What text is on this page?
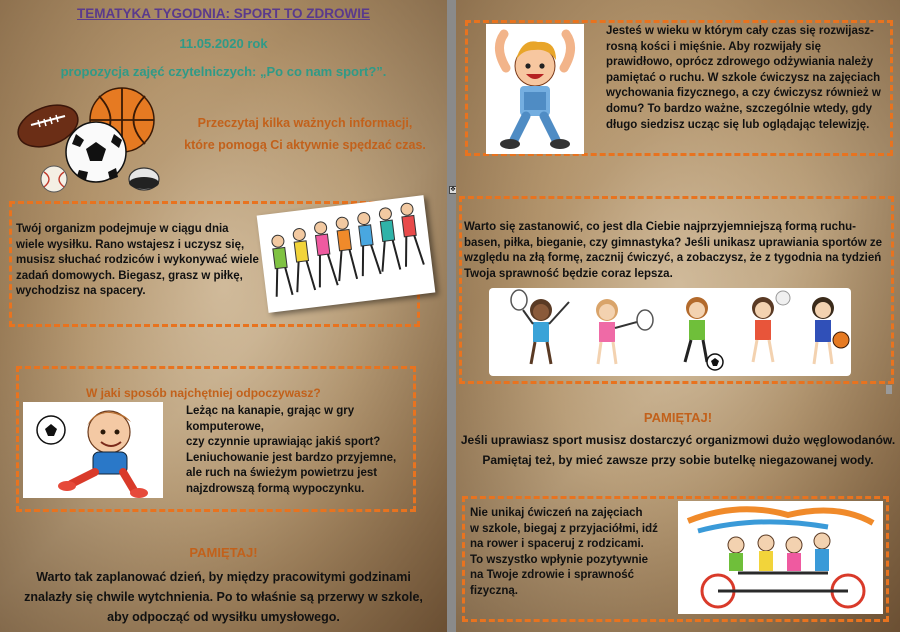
TEMATYKA TYGODNIA: SPORT TO ZDROWIE
11.05.2020 rok
propozycja zajęć czytelniczych: „Po co nam sport?”.
Przeczytaj kilka ważnych informacji,
które pomogą Ci aktywnie spędzać czas.
Twój organizm podejmuje w ciągu dnia
wiele wysiłku. Rano wstajesz i uczysz się,
musisz słuchać rodziców i wykonywać wiele
zadań domowych. Biegasz, grasz w piłkę,
wychodzisz na spacery.
W jaki sposób najchętniej odpoczywasz?
Leżąc na kanapie, grając w gry
komputerowe,
czy czynnie uprawiając jakiś sport?
Leniuchowanie jest bardzo przyjemne,
ale ruch na świeżym powietrzu jest
najzdrowszą formą wypoczynku.
PAMIĘTAJ!
Warto tak zaplanować dzień, by między pracowitymi godzinami
znalazły się chwile wytchnienia. Po to właśnie są przerwy w szkole,
aby odpocząć od wysiłku umysłowego.
✥
Jesteś w wieku w którym cały czas się rozwijasz-
rosną kości i mięśnie. Aby rozwijały się
prawidłowo, oprócz zdrowego odżywiania należy
pamiętać o ruchu. W szkole ćwiczysz na zajęciach
wychowania fizycznego, a czy ćwiczysz również w
domu? To bardzo ważne, szczególnie wtedy, gdy
długo siedzisz ucząc się lub oglądając telewizję.
Warto się zastanowić, co jest dla Ciebie najprzyjemniejszą formą ruchu-
basen, piłka, bieganie, czy gimnastyka? Jeśli unikasz uprawiania sportów ze
względu na złą formę, zacznij ćwiczyć, a zobaczysz, że z tygodnia na tydzień
Twoja sprawność będzie coraz lepsza.
PAMIĘTAJ!
Jeśli uprawiasz sport musisz dostarczyć organizmowi dużo węglowodanów.
Pamiętaj też, by mieć zawsze przy sobie butelkę niegazowanej wody.
Nie unikaj ćwiczeń na zajęciach
w szkole, biegaj z przyjaciółmi, idź
na rower i spaceruj z rodzicami.
To wszystko wpłynie pozytywnie
na Twoje zdrowie i sprawność
fizyczną.
